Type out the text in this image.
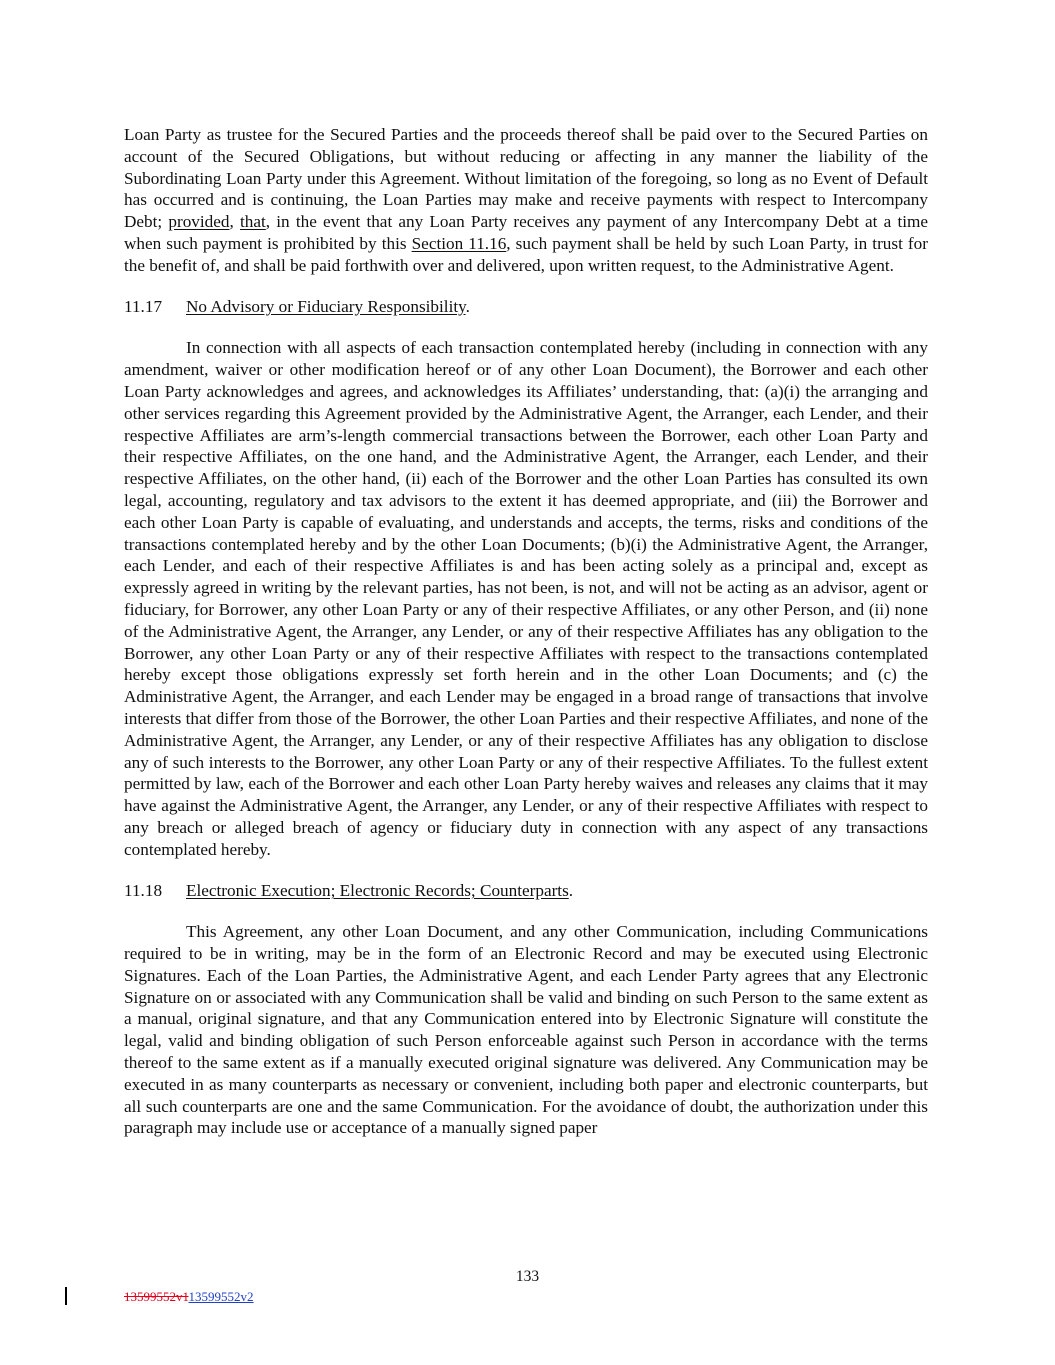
Loan Party as trustee for the Secured Parties and the proceeds thereof shall be paid over to the Secured Parties on account of the Secured Obligations, but without reducing or affecting in any manner the liability of the Subordinating Loan Party under this Agreement. Without limitation of the foregoing, so long as no Event of Default has occurred and is continuing, the Loan Parties may make and receive payments with respect to Intercompany Debt; provided, that, in the event that any Loan Party receives any payment of any Intercompany Debt at a time when such payment is prohibited by this Section 11.16, such payment shall be held by such Loan Party, in trust for the benefit of, and shall be paid forthwith over and delivered, upon written request, to the Administrative Agent.

11.17 No Advisory or Fiduciary Responsibility.

In connection with all aspects of each transaction contemplated hereby (including in connection with any amendment, waiver or other modification hereof or of any other Loan Document), the Borrower and each other Loan Party acknowledges and agrees, and acknowledges its Affiliates’ understanding, that: (a)(i) the arranging and other services regarding this Agreement provided by the Administrative Agent, the Arranger, each Lender, and their respective Affiliates are arm’s-length commercial transactions between the Borrower, each other Loan Party and their respective Affiliates, on the one hand, and the Administrative Agent, the Arranger, each Lender, and their respective Affiliates, on the other hand, (ii) each of the Borrower and the other Loan Parties has consulted its own legal, accounting, regulatory and tax advisors to the extent it has deemed appropriate, and (iii) the Borrower and each other Loan Party is capable of evaluating, and understands and accepts, the terms, risks and conditions of the transactions contemplated hereby and by the other Loan Documents; (b)(i) the Administrative Agent, the Arranger, each Lender, and each of their respective Affiliates is and has been acting solely as a principal and, except as expressly agreed in writing by the relevant parties, has not been, is not, and will not be acting as an advisor, agent or fiduciary, for Borrower, any other Loan Party or any of their respective Affiliates, or any other Person, and (ii) none of the Administrative Agent, the Arranger, any Lender, or any of their respective Affiliates has any obligation to the Borrower, any other Loan Party or any of their respective Affiliates with respect to the transactions contemplated hereby except those obligations expressly set forth herein and in the other Loan Documents; and (c) the Administrative Agent, the Arranger, and each Lender may be engaged in a broad range of transactions that involve interests that differ from those of the Borrower, the other Loan Parties and their respective Affiliates, and none of the Administrative Agent, the Arranger, any Lender, or any of their respective Affiliates has any obligation to disclose any of such interests to the Borrower, any other Loan Party or any of their respective Affiliates. To the fullest extent permitted by law, each of the Borrower and each other Loan Party hereby waives and releases any claims that it may have against the Administrative Agent, the Arranger, any Lender, or any of their respective Affiliates with respect to any breach or alleged breach of agency or fiduciary duty in connection with any aspect of any transactions contemplated hereby.

11.18 Electronic Execution; Electronic Records; Counterparts.

This Agreement, any other Loan Document, and any other Communication, including Communications required to be in writing, may be in the form of an Electronic Record and may be executed using Electronic Signatures. Each of the Loan Parties, the Administrative Agent, and each Lender Party agrees that any Electronic Signature on or associated with any Communication shall be valid and binding on such Person to the same extent as a manual, original signature, and that any Communication entered into by Electronic Signature will constitute the legal, valid and binding obligation of such Person enforceable against such Person in accordance with the terms thereof to the same extent as if a manually executed original signature was delivered. Any Communication may be executed in as many counterparts as necessary or convenient, including both paper and electronic counterparts, but all such counterparts are one and the same Communication. For the avoidance of doubt, the authorization under this paragraph may include use or acceptance of a manually signed paper

133
13599552v113599552v2
